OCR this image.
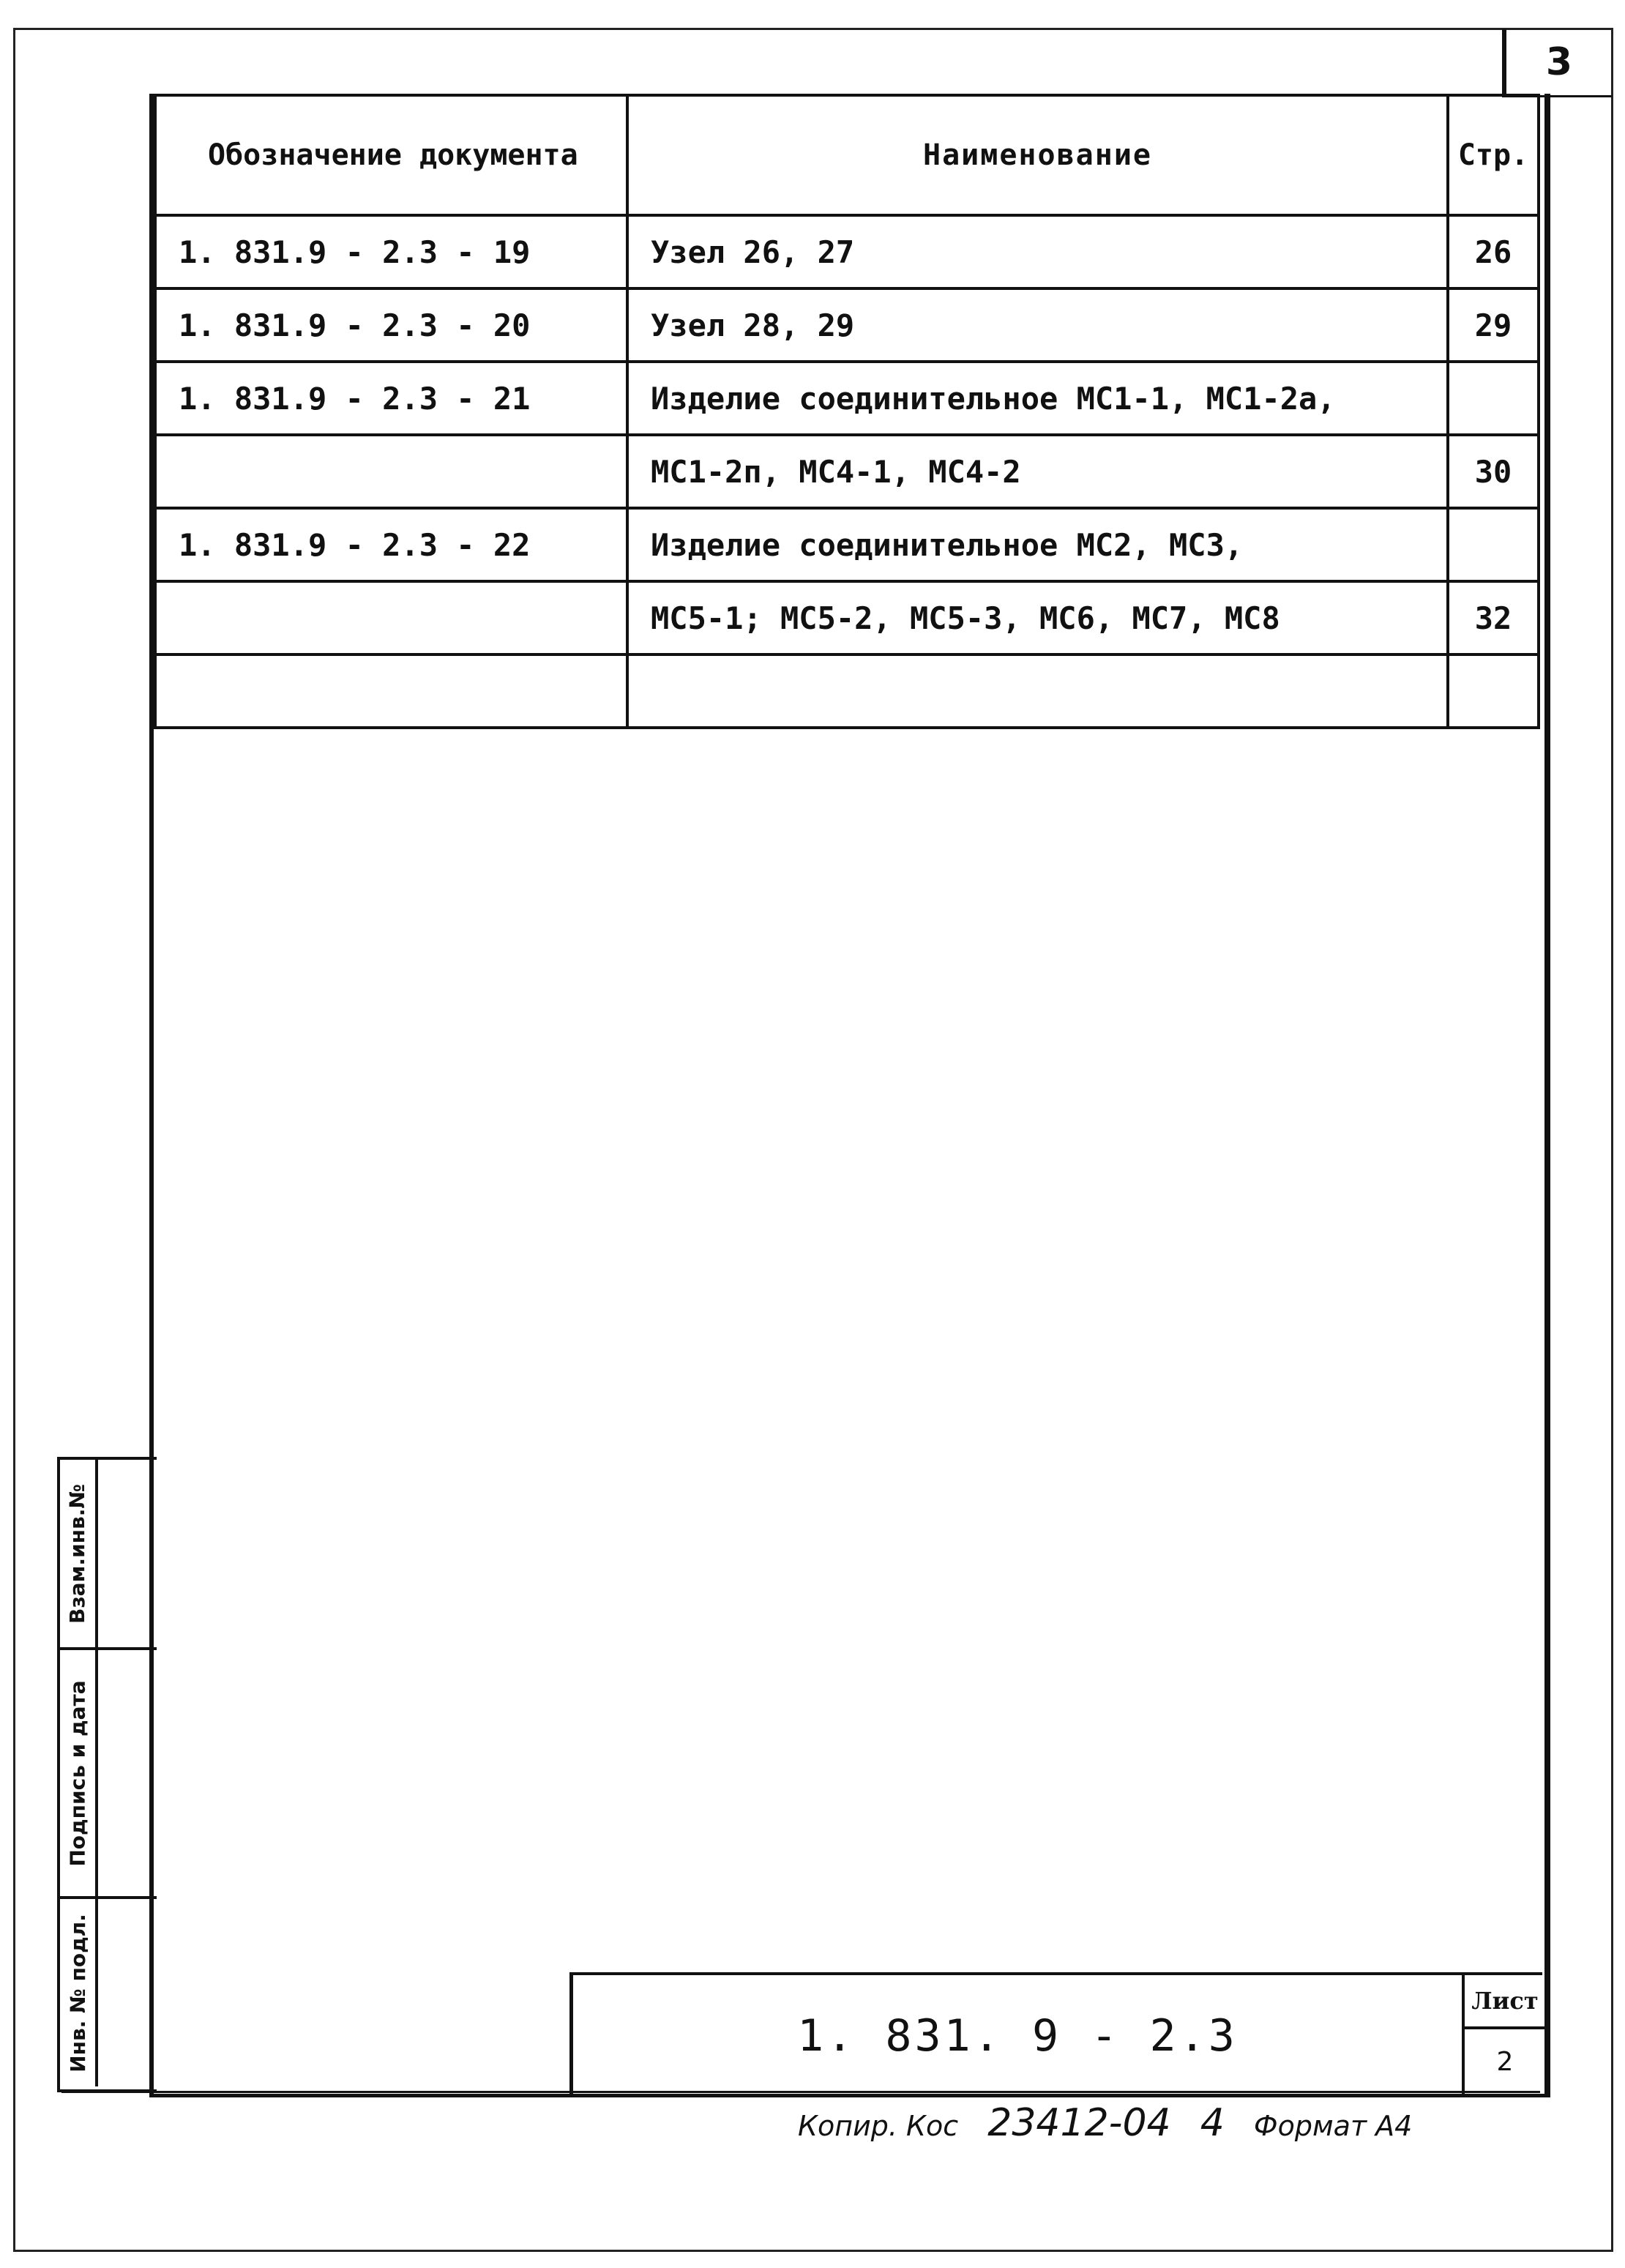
3
Обозначение документа	Наименование	Стр.
1. 831.9 - 2.3 - 19	Узел 26, 27	26
1. 831.9 - 2.3 - 20	Узел 28, 29	29
1. 831.9 - 2.3 - 21	Изделие соединительное МС1-1, МС1-2а,	
	МС1-2п, МС4-1, МС4-2	30
1. 831.9 - 2.3 - 22	Изделие соединительное МС2, МС3,	
	МС5-1; МС5-2, МС5-3, МС6, МС7, МС8	32

Взам.инв.№
Подпись и дата
Инв. № подл.	1. 831. 9 - 2.3
Лист
2
Копир. Кос 23412-04 4 Формат А4
